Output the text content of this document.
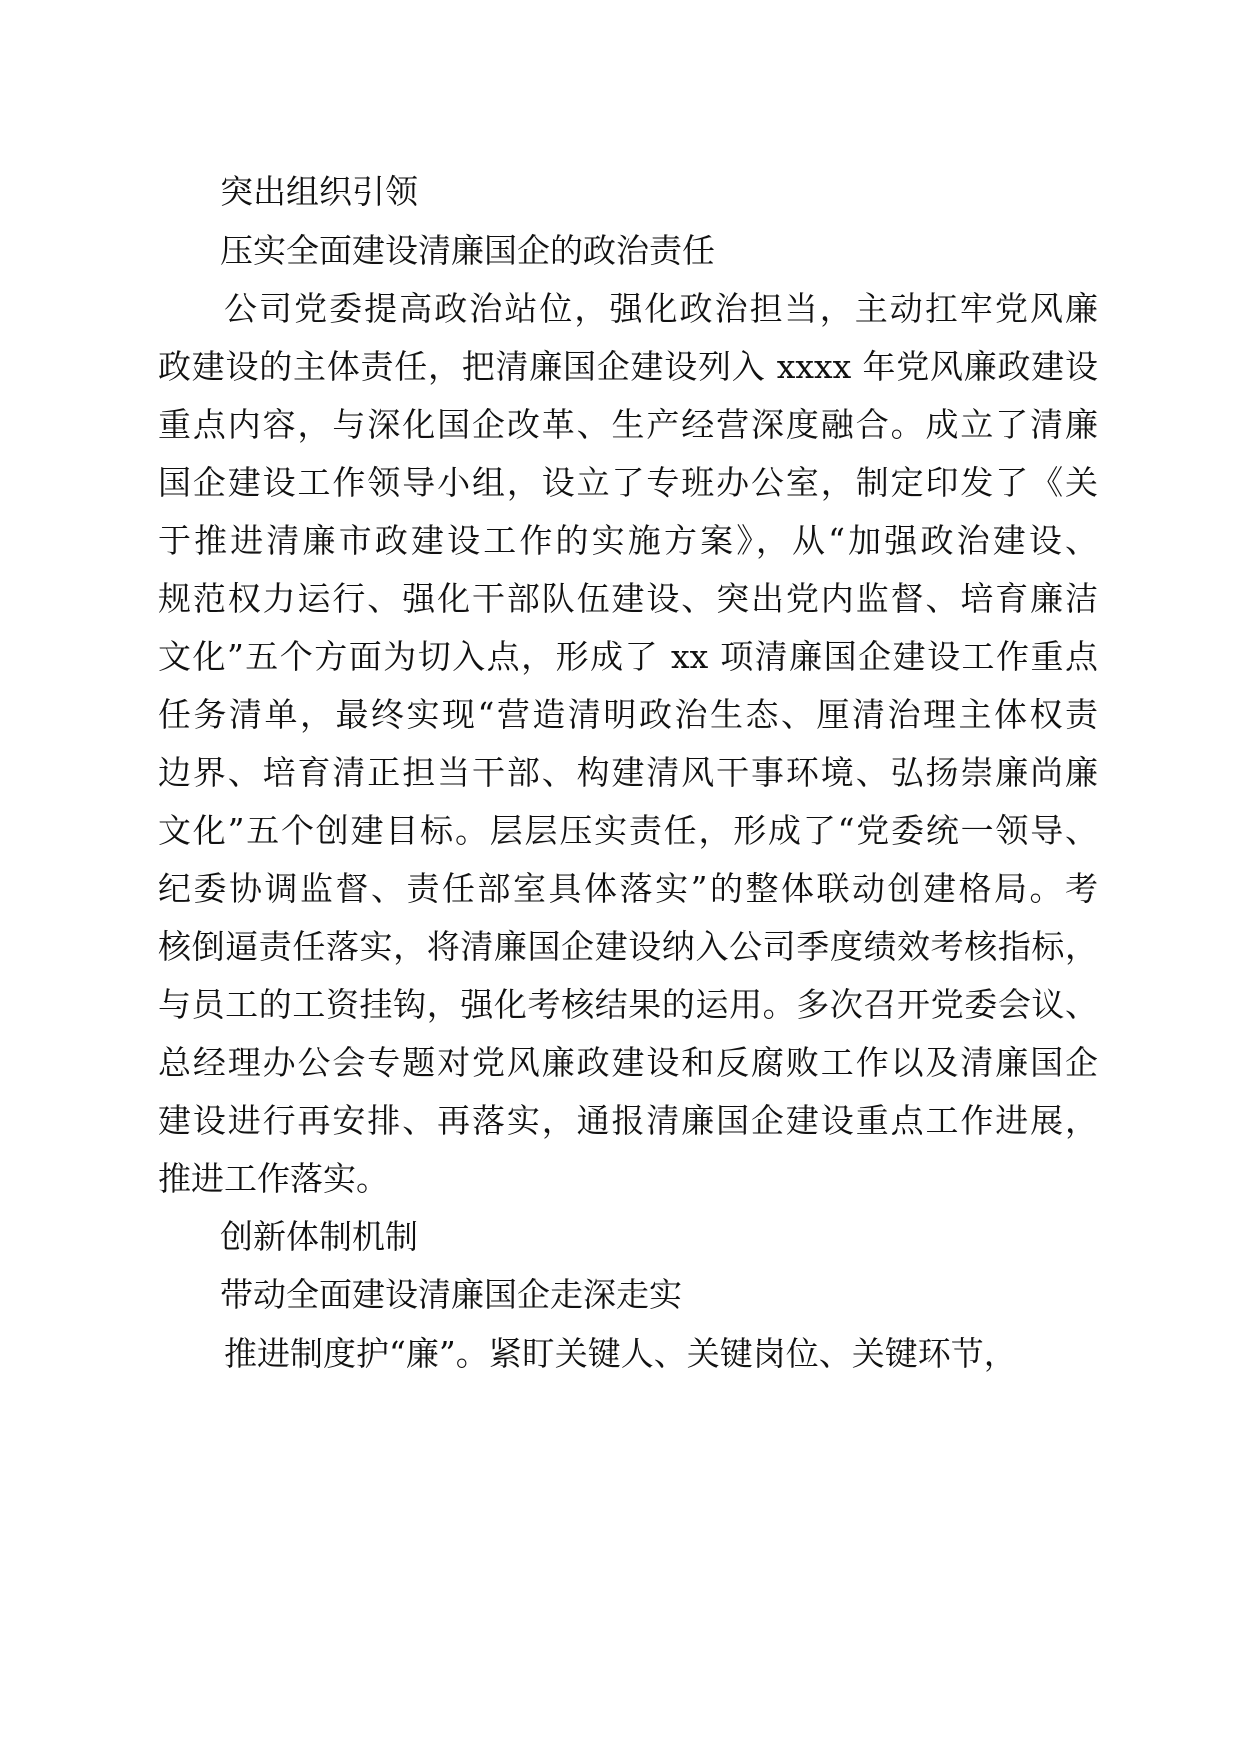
突出组织引领
压实全面建设清廉国企的政治责任
公司党委提高政治站位，强化政治担当，主动扛牢党风廉
政建设的主体责任，把清廉国企建设列入 xxxx 年党风廉政建设
重点内容，与深化国企改革、生产经营深度融合。成立了清廉
国企建设工作领导小组，设立了专班办公室，制定印发了《关
于推进清廉市政建设工作的实施方案》，从“加强政治建设、
规范权力运行、强化干部队伍建设、突出党内监督、培育廉洁
文化”五个方面为切入点，形成了 xx 项清廉国企建设工作重点
任务清单，最终实现“营造清明政治生态、厘清治理主体权责
边界、培育清正担当干部、构建清风干事环境、弘扬崇廉尚廉
文化”五个创建目标。层层压实责任，形成了“党委统一领导、
纪委协调监督、责任部室具体落实”的整体联动创建格局。考
核倒逼责任落实，将清廉国企建设纳入公司季度绩效考核指标，
与员工的工资挂钩，强化考核结果的运用。多次召开党委会议、
总经理办公会专题对党风廉政建设和反腐败工作以及清廉国企
建设进行再安排、再落实，通报清廉国企建设重点工作进展，
推进工作落实。
创新体制机制
带动全面建设清廉国企走深走实
推进制度护“廉”。紧盯关键人、关键岗位、关键环节，
